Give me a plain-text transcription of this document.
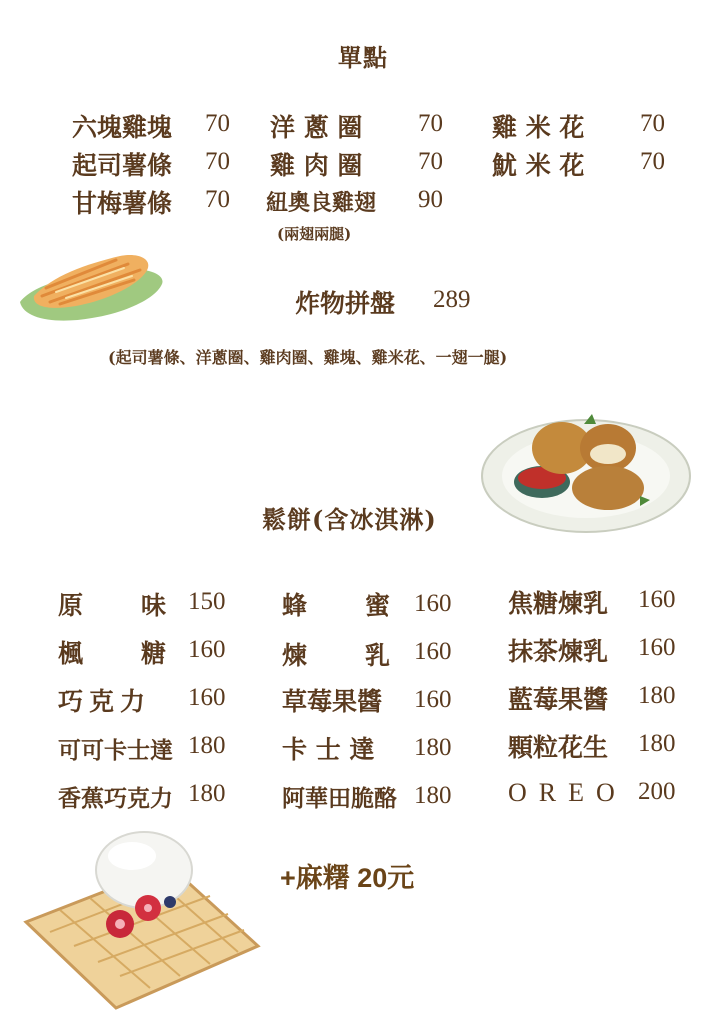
單點
六塊雞塊 70 洋 蔥 圈 70 雞 米 花 70
起司薯條 70 雞 肉 圈 70 魷 米 花 70
甘梅薯條 70 紐奧良雞翅 90
(兩翅兩腿)
炸物拼盤 289
(起司薯條、洋蔥圈、雞肉圈、雞塊、雞米花、一翅一腿)
鬆餅(含冰淇淋)
原 味 150 蜂 蜜 160 焦糖煉乳 160
楓 糖 160 煉 乳 160 抹茶煉乳 160
巧克力 160 草莓果醬 160 藍莓果醬 180
可可卡士達 180 卡 士 達 180 顆粒花生 180
香蕉巧克力 180 阿華田脆酪 180 OREO 200
+麻糬 20元
